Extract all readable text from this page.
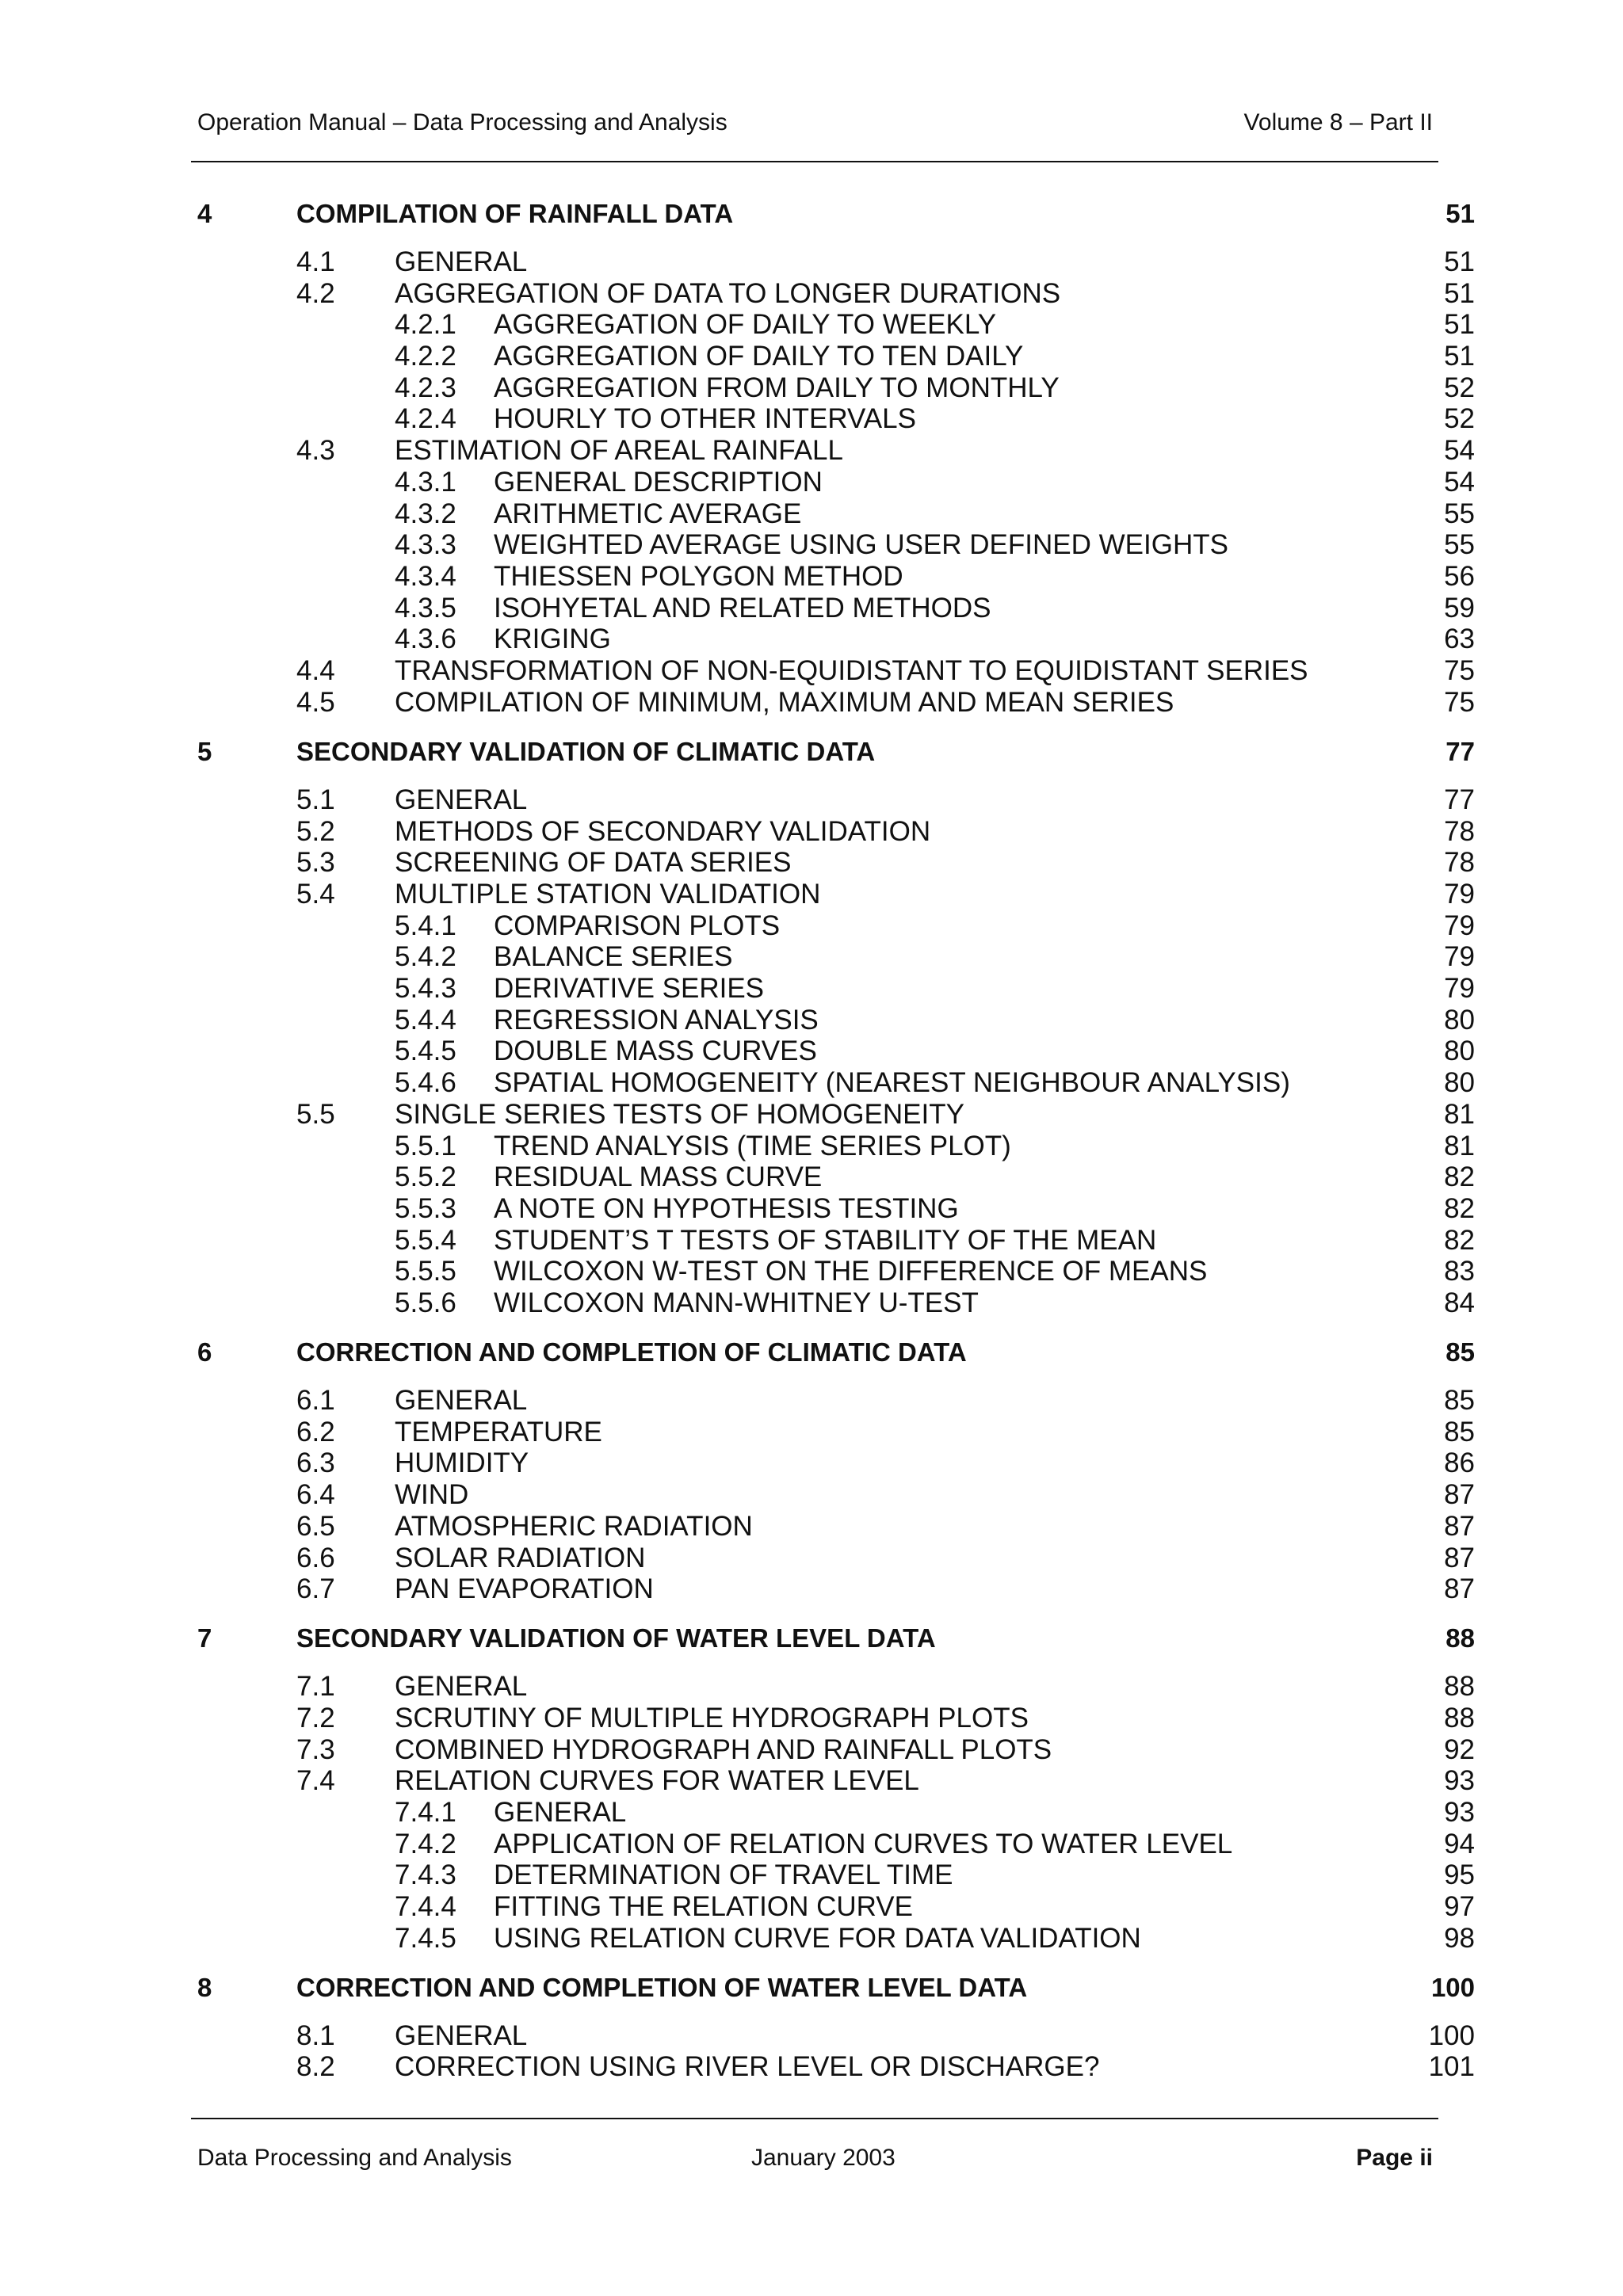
Operation Manual – Data Processing and Analysis	Volume 8 – Part II
4	COMPILATION OF RAINFALL DATA	51
4.1 GENERAL	51
4.2 AGGREGATION OF DATA TO LONGER DURATIONS	51
4.2.1 AGGREGATION OF DAILY TO WEEKLY	51
4.2.2 AGGREGATION OF DAILY TO TEN DAILY	51
4.2.3 AGGREGATION FROM DAILY TO MONTHLY	52
4.2.4 HOURLY TO OTHER INTERVALS	52
4.3 ESTIMATION OF AREAL RAINFALL	54
4.3.1 GENERAL DESCRIPTION	54
4.3.2 ARITHMETIC AVERAGE	55
4.3.3 WEIGHTED AVERAGE USING USER DEFINED WEIGHTS	55
4.3.4 THIESSEN POLYGON METHOD	56
4.3.5 ISOHYETAL AND RELATED METHODS	59
4.3.6 KRIGING	63
4.4 TRANSFORMATION OF NON-EQUIDISTANT TO EQUIDISTANT SERIES	75
4.5 COMPILATION OF MINIMUM, MAXIMUM AND MEAN SERIES	75
5	SECONDARY VALIDATION OF CLIMATIC DATA	77
5.1 GENERAL	77
5.2 METHODS OF SECONDARY VALIDATION	78
5.3 SCREENING OF DATA SERIES	78
5.4 MULTIPLE STATION VALIDATION	79
5.4.1 COMPARISON PLOTS	79
5.4.2 BALANCE SERIES	79
5.4.3 DERIVATIVE SERIES	79
5.4.4 REGRESSION ANALYSIS	80
5.4.5 DOUBLE MASS CURVES	80
5.4.6 SPATIAL HOMOGENEITY (NEAREST NEIGHBOUR ANALYSIS)	80
5.5 SINGLE SERIES TESTS OF HOMOGENEITY	81
5.5.1 TREND ANALYSIS (TIME SERIES PLOT)	81
5.5.2 RESIDUAL MASS CURVE	82
5.5.3 A NOTE ON HYPOTHESIS TESTING	82
5.5.4 STUDENT’S T TESTS OF STABILITY OF THE MEAN	82
5.5.5 WILCOXON W-TEST ON THE DIFFERENCE OF MEANS	83
5.5.6 WILCOXON MANN-WHITNEY U-TEST	84
6	CORRECTION AND COMPLETION OF CLIMATIC DATA	85
6.1 GENERAL	85
6.2 TEMPERATURE	85
6.3 HUMIDITY	86
6.4 WIND	87
6.5 ATMOSPHERIC RADIATION	87
6.6 SOLAR RADIATION	87
6.7 PAN EVAPORATION	87
7	SECONDARY VALIDATION OF WATER LEVEL DATA	88
7.1 GENERAL	88
7.2 SCRUTINY OF MULTIPLE HYDROGRAPH PLOTS	88
7.3 COMBINED HYDROGRAPH AND RAINFALL PLOTS	92
7.4 RELATION CURVES FOR WATER LEVEL	93
7.4.1 GENERAL	93
7.4.2 APPLICATION OF RELATION CURVES TO WATER LEVEL	94
7.4.3 DETERMINATION OF TRAVEL TIME	95
7.4.4 FITTING THE RELATION CURVE	97
7.4.5 USING RELATION CURVE FOR DATA VALIDATION	98
8	CORRECTION AND COMPLETION OF WATER LEVEL DATA	100
8.1 GENERAL	100
8.2 CORRECTION USING RIVER LEVEL OR DISCHARGE?	101
Data Processing and Analysis	January 2003	Page ii
